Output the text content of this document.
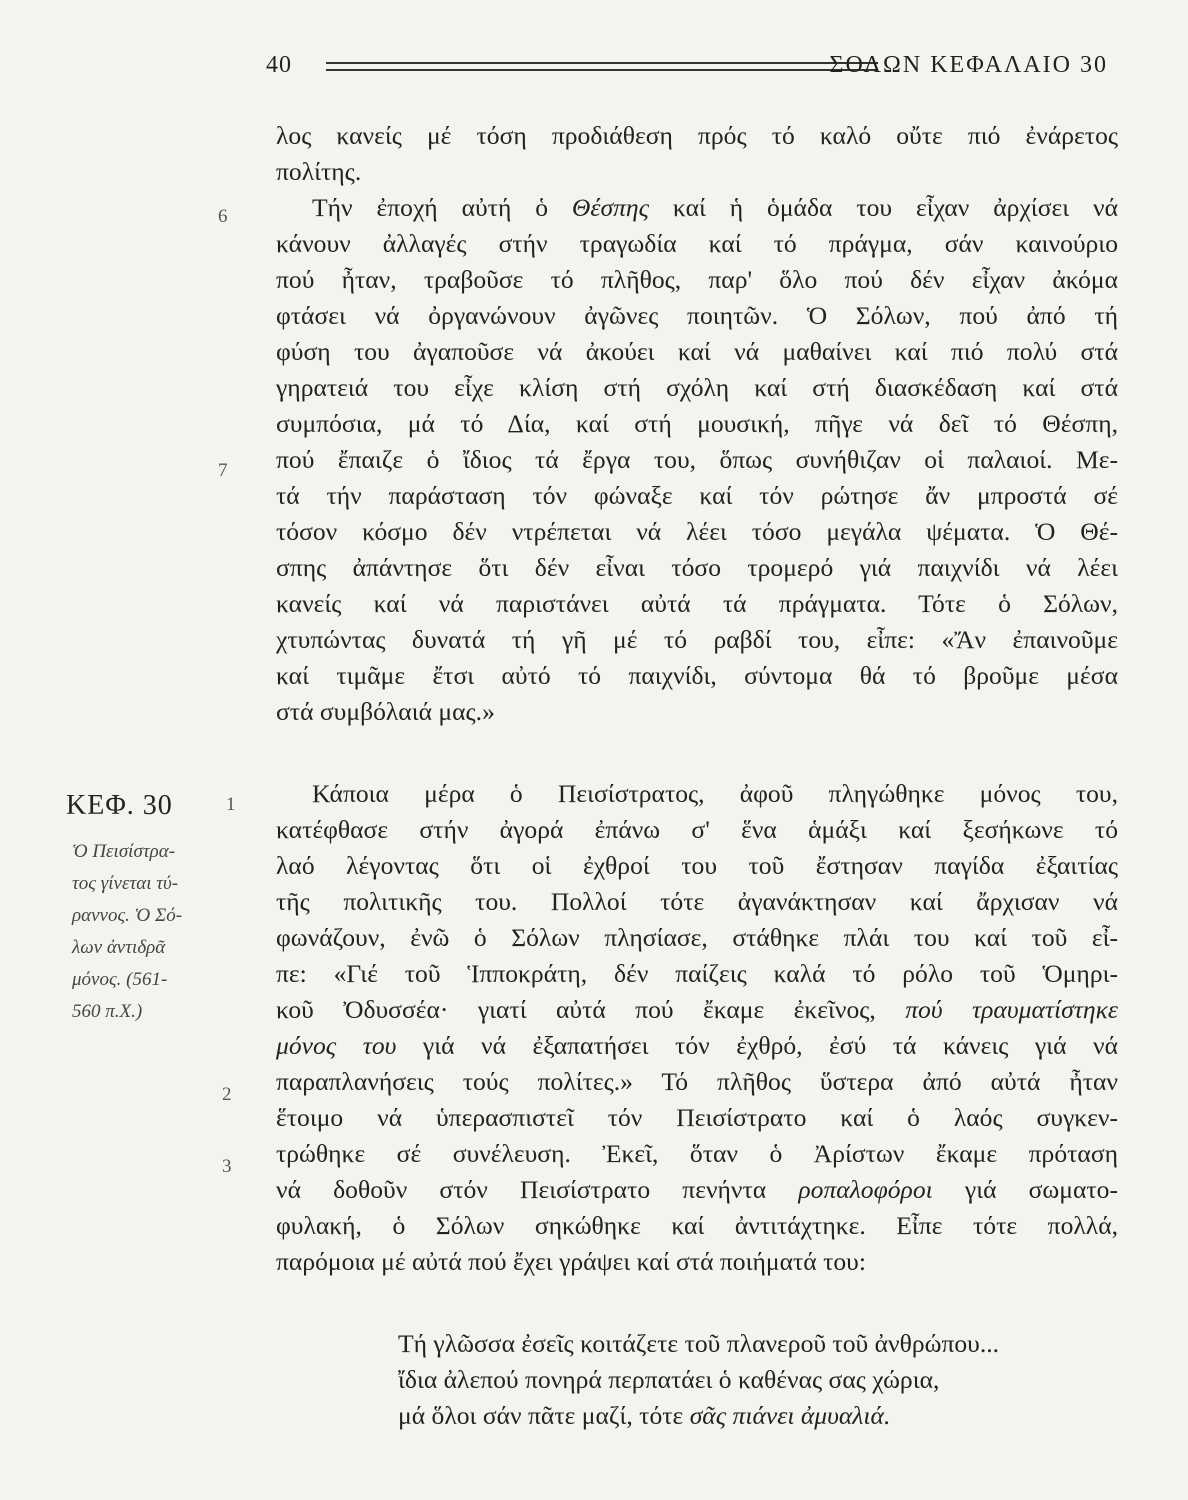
40	ΣΟΛΩΝ ΚΕΦΑΛΑΙΟ 30
6
7
1
2
3
ΚΕΦ. 30
Ὁ Πεισίστρα-
τος γίνεται τύ-
ραννος. Ὁ Σό-
λων ἀντιδρᾶ
μόνος. (561-
560 π.Χ.)
λος κανείς μέ τόση προδιάθεση πρός τό καλό οὔτε πιό ἐνάρετος
πολίτης.
Τήν ἐποχή αὐτή ὁ Θέσπης καί ἡ ὁμάδα του εἶχαν ἀρχίσει νά
κάνουν ἀλλαγές στήν τραγωδία καί τό πράγμα, σάν καινούριο
πού ἦταν, τραβοῦσε τό πλῆθος, παρ' ὅλο πού δέν εἶχαν ἀκόμα
φτάσει νά ὀργανώνουν ἀγῶνες ποιητῶν. Ὁ Σόλων, πού ἀπό τή
φύση του ἀγαποῦσε νά ἀκούει καί νά μαθαίνει καί πιό πολύ στά
γηρατειά του εἶχε κλίση στή σχόλη καί στή διασκέδαση καί στά
συμπόσια, μά τό Δία, καί στή μουσική, πῆγε νά δεῖ τό Θέσπη,
πού ἔπαιζε ὁ ἴδιος τά ἔργα του, ὅπως συνήθιζαν οἱ παλαιοί. Με-
τά τήν παράσταση τόν φώναξε καί τόν ρώτησε ἄν μπροστά σέ
τόσον κόσμο δέν ντρέπεται νά λέει τόσο μεγάλα ψέματα. Ὁ Θέ-
σπης ἀπάντησε ὅτι δέν εἶναι τόσο τρομερό γιά παιχνίδι νά λέει
κανείς καί νά παριστάνει αὐτά τά πράγματα. Τότε ὁ Σόλων,
χτυπώντας δυνατά τή γῆ μέ τό ραβδί του, εἶπε: «Ἄν ἐπαινοῦμε
καί τιμᾶμε ἔτσι αὐτό τό παιχνίδι, σύντομα θά τό βροῦμε μέσα
στά συμβόλαιά μας.»
Κάποια μέρα ὁ Πεισίστρατος, ἀφοῦ πληγώθηκε μόνος του,
κατέφθασε στήν ἀγορά ἐπάνω σ' ἕνα ἁμάξι καί ξεσήκωνε τό
λαό λέγοντας ὅτι οἱ ἐχθροί του τοῦ ἔστησαν παγίδα ἐξαιτίας
τῆς πολιτικῆς του. Πολλοί τότε ἀγανάκτησαν καί ἄρχισαν νά
φωνάζουν, ἐνῶ ὁ Σόλων πλησίασε, στάθηκε πλάι του καί τοῦ εἶ-
πε: «Γιέ τοῦ Ἱπποκράτη, δέν παίζεις καλά τό ρόλο τοῦ Ὁμηρι-
κοῦ Ὀδυσσέα· γιατί αὐτά πού ἔκαμε ἐκεῖνος, πού τραυματίστηκε
μόνος του γιά νά ἐξαπατήσει τόν ἐχθρό, ἐσύ τά κάνεις γιά νά
παραπλανήσεις τούς πολίτες.» Τό πλῆθος ὕστερα ἀπό αὐτά ἦταν
ἕτοιμο νά ὑπερασπιστεῖ τόν Πεισίστρατο καί ὁ λαός συγκεν-
τρώθηκε σέ συνέλευση. Ἐκεῖ, ὅταν ὁ Ἀρίστων ἔκαμε πρόταση
νά δοθοῦν στόν Πεισίστρατο πενήντα ροπαλοφόροι γιά σωματο-
φυλακή, ὁ Σόλων σηκώθηκε καί ἀντιτάχτηκε. Εἶπε τότε πολλά,
παρόμοια μέ αὐτά πού ἔχει γράψει καί στά ποιήματά του:
Τή γλῶσσα ἐσεῖς κοιτάζετε τοῦ πλανεροῦ τοῦ ἀνθρώπου...
ἴδια ἀλεπού πονηρά περπατάει ὁ καθένας σας χώρια,
μά ὅλοι σάν πᾶτε μαζί, τότε σᾶς πιάνει ἀμυαλιά.
